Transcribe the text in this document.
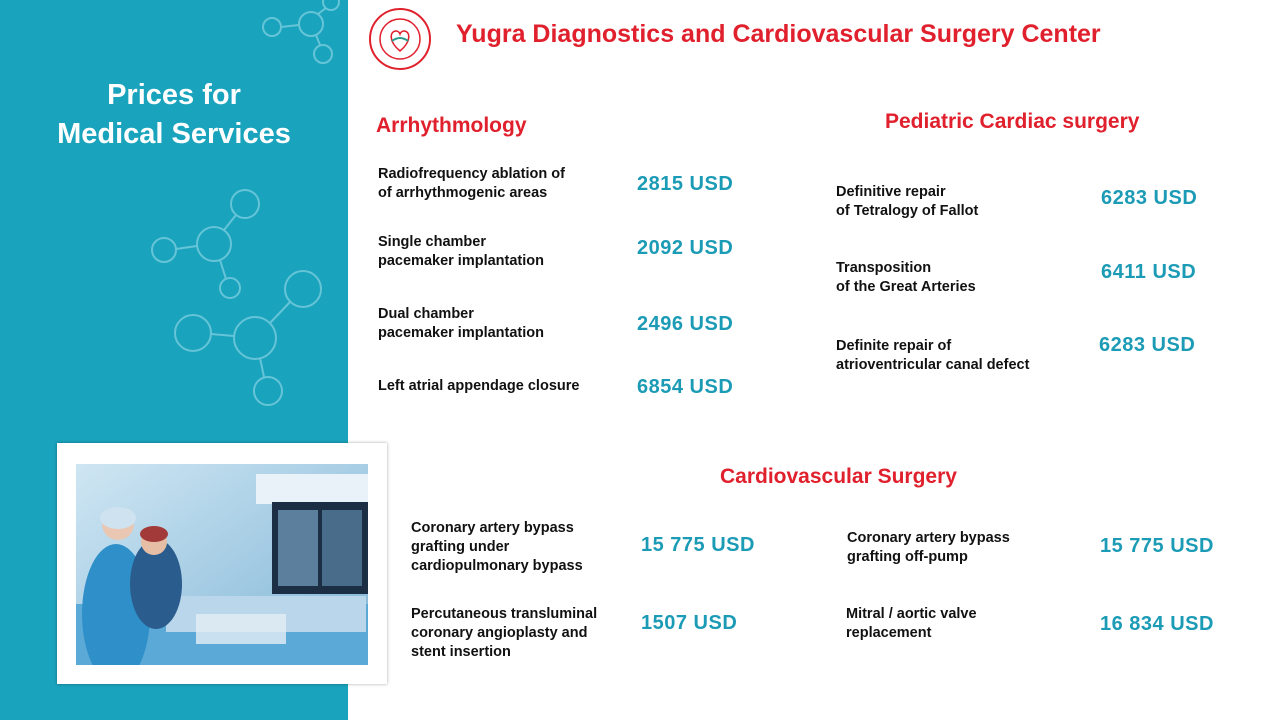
Prices for
Medical Services
Yugra Diagnostics and Cardiovascular Surgery Center
Arrhythmology
Radiofrequency ablation of
of arrhythmogenic areas	2815 USD
Single chamber
pacemaker implantation
2092 USD
Dual chamber
pacemaker implantation	2496 USD
Left atrial appendage closure	6854 USD
Pediatric Cardiac surgery
Definitive repair
of Tetralogy of Fallot
6283 USD
Transposition
of the Great Arteries
6411 USD
Definite repair of
atrioventricular canal defect
6283 USD
Cardiovascular Surgery
Coronary artery bypass
grafting under
cardiopulmonary bypass
15 775 USD
Percutaneous transluminal
coronary angioplasty and
stent insertion
1507 USD
Coronary artery bypass
grafting off-pump	15 775 USD
Mitral / aortic valve
replacement	16 834 USD
